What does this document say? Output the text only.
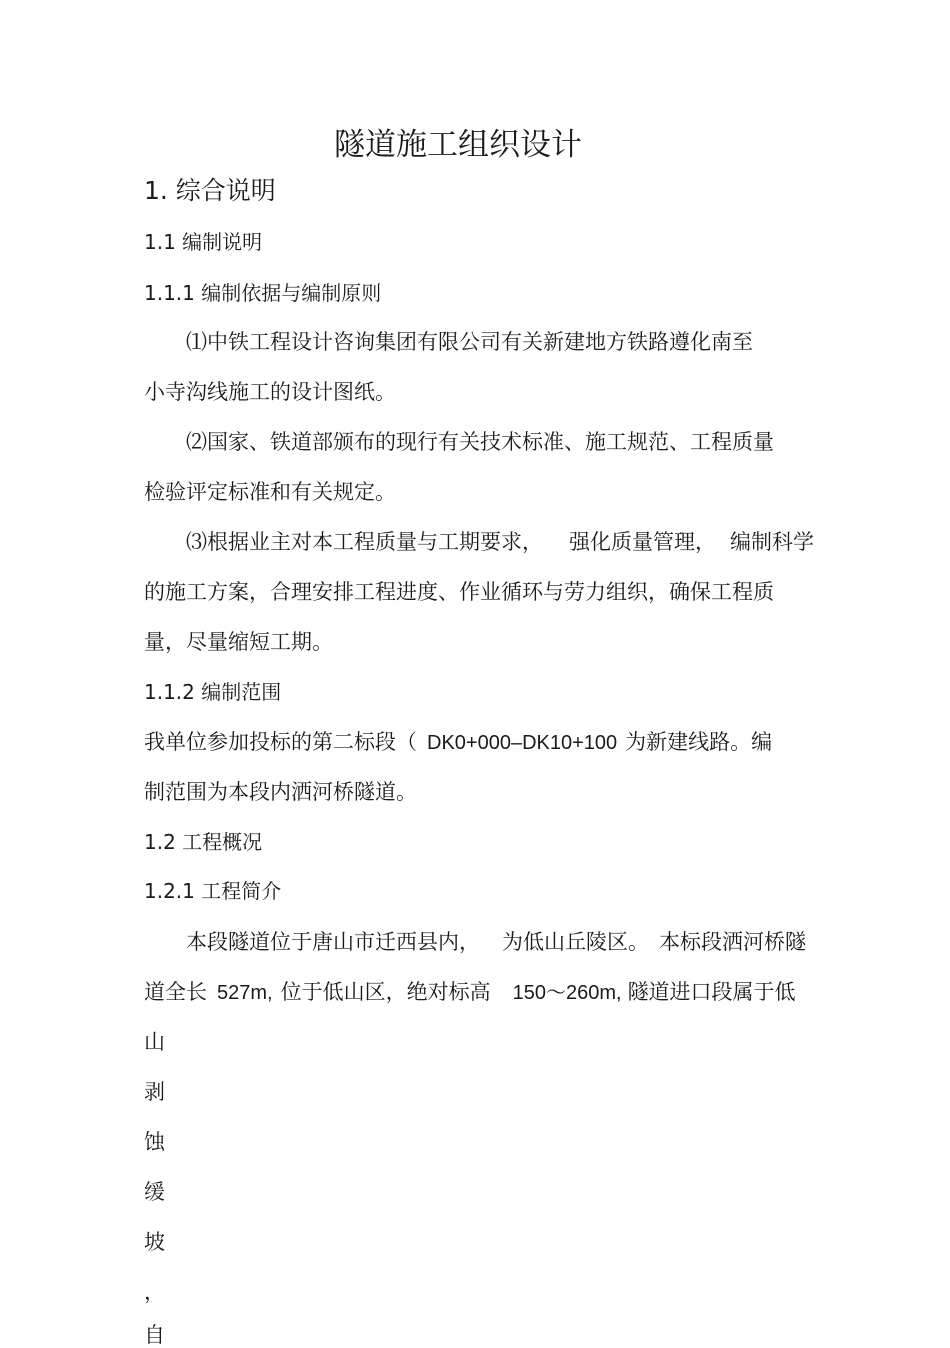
隧道施工组织设计
1. 综合说明
1.1 编制说明
1.1.1 编制依据与编制原则
⑴中铁工程设计咨询集团有限公司有关新建地方铁路遵化南至
小寺沟线施工的设计图纸。
⑵国家、铁道部颁布的现行有关技术标准、施工规范、工程质量
检验评定标准和有关规定。
⑶根据业主对本工程质量与工期要求， 强化质量管理， 编制科学
的施工方案，合理安排工程进度、作业循环与劳力组织，确保工程质
量，尽量缩短工期。
1.1.2 编制范围
我单位参加投标的第二标段（ DK0+000–DK10+100 为新建线路。编
制范围为本段内洒河桥隧道。
1.2 工程概况
1.2.1 工程简介
本段隧道位于唐山市迁西县内， 为低山丘陵区。 本标段洒河桥隧
道全长 527m, 位于低山区，绝对标高 150～260m, 隧道进口段属于低
山
剥
蚀
缓
坡
，
自
